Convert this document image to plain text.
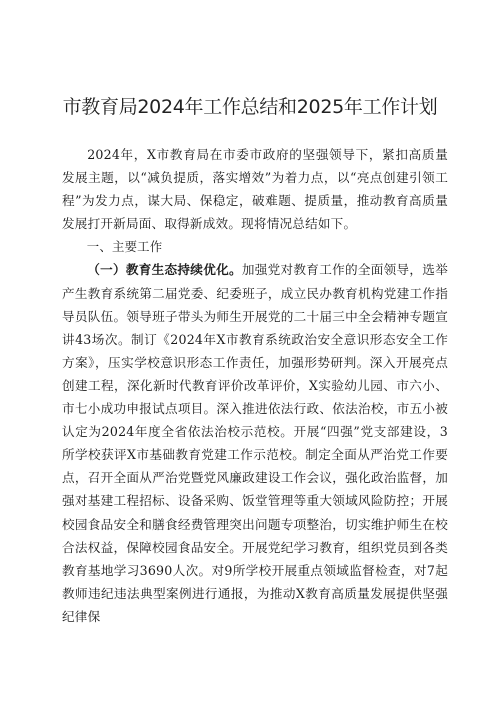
市教育局2024年工作总结和2025年工作计划

2024年，X市教育局在市委市政府的坚强领导下，紧扣高质量发展主题，以“减负提质，落实增效”为着力点，以“亮点创建引领工程”为发力点，谋大局、保稳定，破难题、提质量，推动教育高质量发展打开新局面、取得新成效。现将情况总结如下。

一、主要工作

（一）教育生态持续优化。加强党对教育工作的全面领导，选举产生教育系统第二届党委、纪委班子，成立民办教育机构党建工作指导员队伍。领导班子带头为师生开展党的二十届三中全会精神专题宣讲43场次。制订《2024年X市教育系统政治安全意识形态安全工作方案》，压实学校意识形态工作责任，加强形势研判。深入开展亮点创建工程，深化新时代教育评价改革评价，X实验幼儿园、市六小、市七小成功申报试点项目。深入推进依法行政、依法治校，市五小被认定为2024年度全省依法治校示范校。开展“四强”党支部建设，3所学校获评X市基础教育党建工作示范校。制定全面从严治党工作要点，召开全面从严治党暨党风廉政建设工作会议，强化政治监督，加强对基建工程招标、设备采购、饭堂管理等重大领域风险防控；开展校园食品安全和膳食经费管理突出问题专项整治，切实维护师生在校合法权益，保障校园食品安全。开展党纪学习教育，组织党员到各类教育基地学习3690人次。对9所学校开展重点领域监督检查，对7起教师违纪违法典型案例进行通报，为推动X教育高质量发展提供坚强纪律保
